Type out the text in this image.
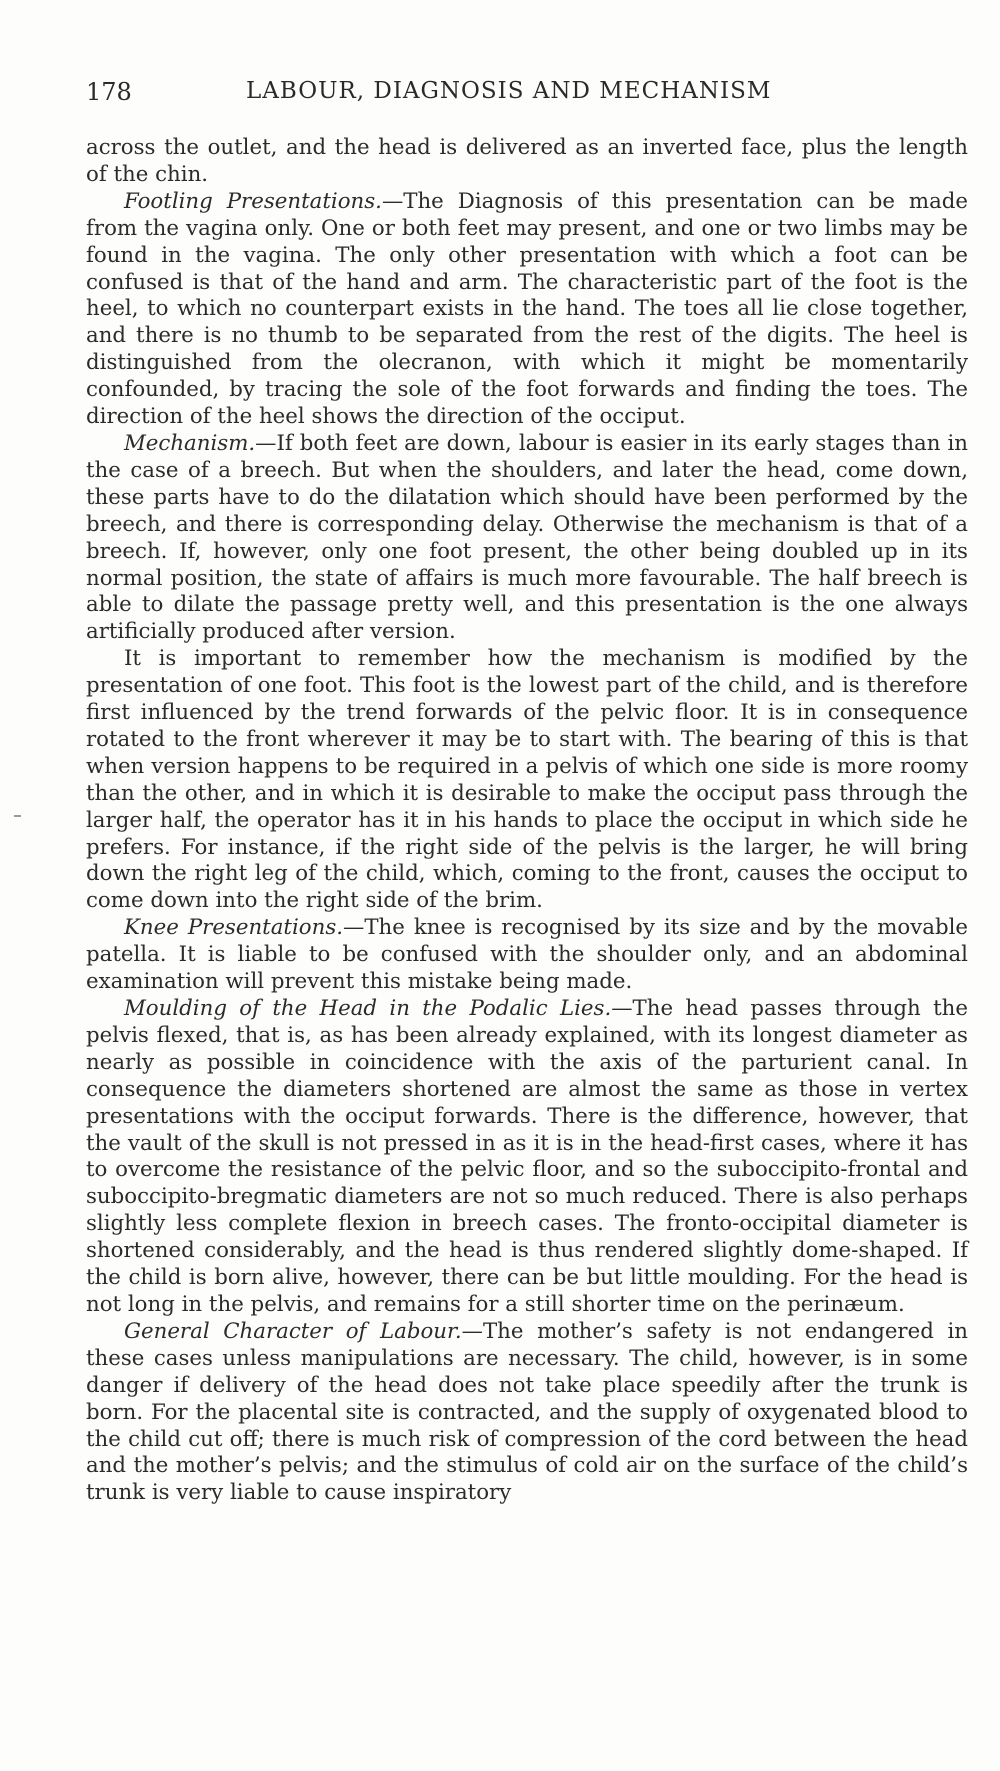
178	LABOUR, DIAGNOSIS AND MECHANISM

across the outlet, and the head is delivered as an inverted face, plus the length of the chin.

Footling Presentations.—The Diagnosis of this presentation can be made from the vagina only. One or both feet may present, and one or two limbs may be found in the vagina. The only other presentation with which a foot can be confused is that of the hand and arm. The characteristic part of the foot is the heel, to which no counterpart exists in the hand. The toes all lie close together, and there is no thumb to be separated from the rest of the digits. The heel is distinguished from the olecranon, with which it might be momentarily confounded, by tracing the sole of the foot forwards and finding the toes. The direction of the heel shows the direction of the occiput.

Mechanism.—If both feet are down, labour is easier in its early stages than in the case of a breech. But when the shoulders, and later the head, come down, these parts have to do the dilatation which should have been performed by the breech, and there is corresponding delay. Otherwise the mechanism is that of a breech. If, however, only one foot present, the other being doubled up in its normal position, the state of affairs is much more favourable. The half breech is able to dilate the passage pretty well, and this presentation is the one always artificially produced after version.

It is important to remember how the mechanism is modified by the presentation of one foot. This foot is the lowest part of the child, and is therefore first influenced by the trend forwards of the pelvic floor. It is in consequence rotated to the front wherever it may be to start with. The bearing of this is that when version happens to be required in a pelvis of which one side is more roomy than the other, and in which it is desirable to make the occiput pass through the larger half, the operator has it in his hands to place the occiput in which side he prefers. For instance, if the right side of the pelvis is the larger, he will bring down the right leg of the child, which, coming to the front, causes the occiput to come down into the right side of the brim.

Knee Presentations.—The knee is recognised by its size and by the movable patella. It is liable to be confused with the shoulder only, and an abdominal examination will prevent this mistake being made.

Moulding of the Head in the Podalic Lies.—The head passes through the pelvis flexed, that is, as has been already explained, with its longest diameter as nearly as possible in coincidence with the axis of the parturient canal. In consequence the diameters shortened are almost the same as those in vertex presentations with the occiput forwards. There is the difference, however, that the vault of the skull is not pressed in as it is in the head-first cases, where it has to overcome the resistance of the pelvic floor, and so the suboccipito-frontal and suboccipito-bregmatic diameters are not so much reduced. There is also perhaps slightly less complete flexion in breech cases. The fronto-occipital diameter is shortened considerably, and the head is thus rendered slightly dome-shaped. If the child is born alive, however, there can be but little moulding. For the head is not long in the pelvis, and remains for a still shorter time on the perinæum.

General Character of Labour.—The mother’s safety is not endangered in these cases unless manipulations are necessary. The child, however, is in some danger if delivery of the head does not take place speedily after the trunk is born. For the placental site is contracted, and the supply of oxygenated blood to the child cut off; there is much risk of compression of the cord between the head and the mother’s pelvis; and the stimulus of cold air on the surface of the child’s trunk is very liable to cause inspiratory
